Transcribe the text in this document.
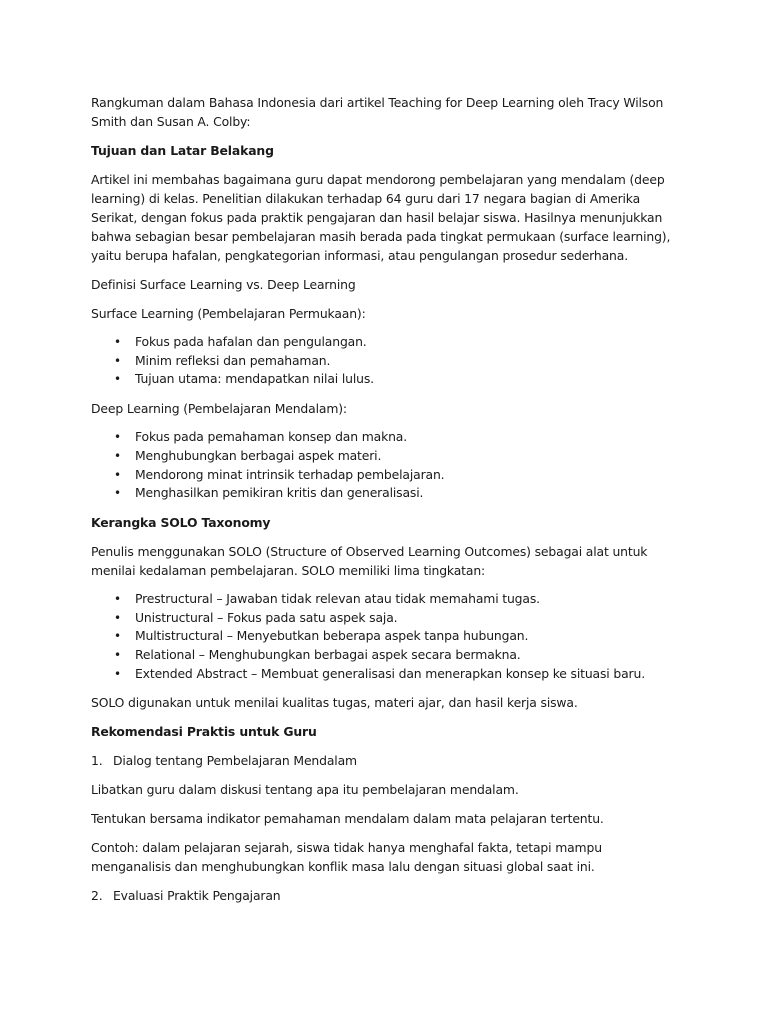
Rangkuman dalam Bahasa Indonesia dari artikel Teaching for Deep Learning oleh Tracy Wilson Smith dan Susan A. Colby:

Tujuan dan Latar Belakang

Artikel ini membahas bagaimana guru dapat mendorong pembelajaran yang mendalam (deep learning) di kelas. Penelitian dilakukan terhadap 64 guru dari 17 negara bagian di Amerika Serikat, dengan fokus pada praktik pengajaran dan hasil belajar siswa. Hasilnya menunjukkan bahwa sebagian besar pembelajaran masih berada pada tingkat permukaan (surface learning), yaitu berupa hafalan, pengkategorian informasi, atau pengulangan prosedur sederhana.

Definisi Surface Learning vs. Deep Learning

Surface Learning (Pembelajaran Permukaan):

• Fokus pada hafalan dan pengulangan.
• Minim refleksi dan pemahaman.
• Tujuan utama: mendapatkan nilai lulus.

Deep Learning (Pembelajaran Mendalam):

• Fokus pada pemahaman konsep dan makna.
• Menghubungkan berbagai aspek materi.
• Mendorong minat intrinsik terhadap pembelajaran.
• Menghasilkan pemikiran kritis dan generalisasi.

Kerangka SOLO Taxonomy

Penulis menggunakan SOLO (Structure of Observed Learning Outcomes) sebagai alat untuk menilai kedalaman pembelajaran. SOLO memiliki lima tingkatan:

• Prestructural – Jawaban tidak relevan atau tidak memahami tugas.
• Unistructural – Fokus pada satu aspek saja.
• Multistructural – Menyebutkan beberapa aspek tanpa hubungan.
• Relational – Menghubungkan berbagai aspek secara bermakna.
• Extended Abstract – Membuat generalisasi dan menerapkan konsep ke situasi baru.

SOLO digunakan untuk menilai kualitas tugas, materi ajar, dan hasil kerja siswa.

Rekomendasi Praktis untuk Guru

1. Dialog tentang Pembelajaran Mendalam

Libatkan guru dalam diskusi tentang apa itu pembelajaran mendalam.

Tentukan bersama indikator pemahaman mendalam dalam mata pelajaran tertentu.

Contoh: dalam pelajaran sejarah, siswa tidak hanya menghafal fakta, tetapi mampu menganalisis dan menghubungkan konflik masa lalu dengan situasi global saat ini.

2. Evaluasi Praktik Pengajaran
